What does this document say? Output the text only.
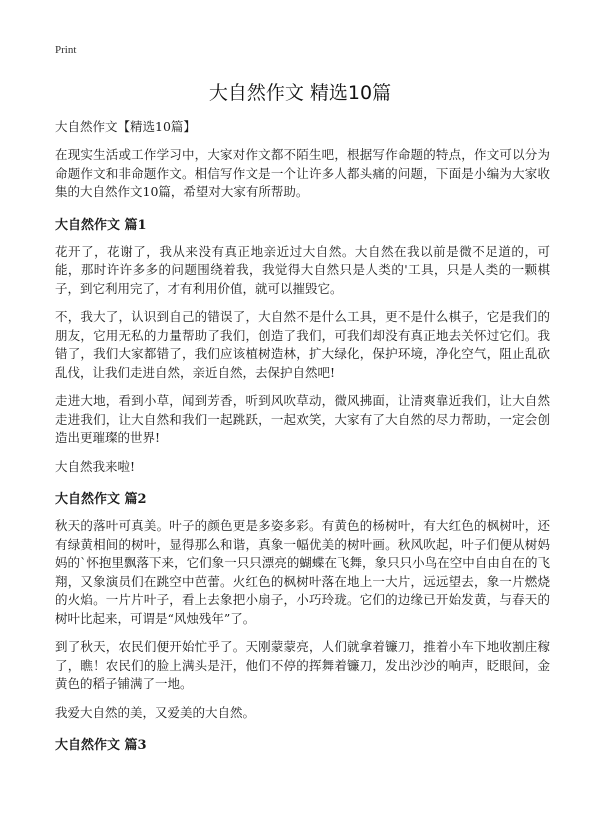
Print
大自然作文 精选10篇
大自然作文【精选10篇】

在现实生活或工作学习中，大家对作文都不陌生吧，根据写作命题的特点，作文可以分为命题作文和非命题作文。相信写作文是一个让许多人都头痛的问题，下面是小编为大家收集的大自然作文10篇，希望对大家有所帮助。

大自然作文 篇1

花开了，花谢了，我从来没有真正地亲近过大自然。大自然在我以前是微不足道的，可能，那时许许多多的问题围绕着我，我觉得大自然只是人类的'工具，只是人类的一颗棋子，到它利用完了，才有利用价值，就可以摧毁它。

不，我大了，认识到自己的错误了，大自然不是什么工具，更不是什么棋子，它是我们的朋友，它用无私的力量帮助了我们，创造了我们，可我们却没有真正地去关怀过它们。我错了，我们大家都错了，我们应该植树造林，扩大绿化，保护环境，净化空气，阻止乱砍乱伐，让我们走进自然，亲近自然，去保护自然吧!

走进大地，看到小草，闻到芳香，听到风吹草动，微风拂面，让清爽靠近我们，让大自然走进我们，让大自然和我们一起跳跃，一起欢笑，大家有了大自然的尽力帮助，一定会创造出更璀璨的世界!

大自然我来啦!

大自然作文 篇2

秋天的落叶可真美。叶子的颜色更是多姿多彩。有黄色的杨树叶，有大红色的枫树叶，还有绿黄相间的树叶，显得那么和谐，真象一幅优美的树叶画。秋风吹起，叶子们便从树妈妈的`怀抱里飘落下来，它们象一只只漂亮的蝴蝶在飞舞，象只只小鸟在空中自由自在的飞翔，又象演员们在跳空中芭蕾。火红色的枫树叶落在地上一大片，远远望去，象一片燃烧的火焰。一片片叶子，看上去象把小扇子，小巧玲珑。它们的边缘已开始发黄，与春天的树叶比起来，可谓是“风烛残年”了。

到了秋天，农民们便开始忙乎了。天刚蒙蒙亮，人们就拿着镰刀，推着小车下地收割庄稼了，瞧！农民们的脸上满头是汗，他们不停的挥舞着镰刀，发出沙沙的响声，眨眼间，金黄色的稻子铺满了一地。

我爱大自然的美，又爱美的大自然。

大自然作文 篇3
